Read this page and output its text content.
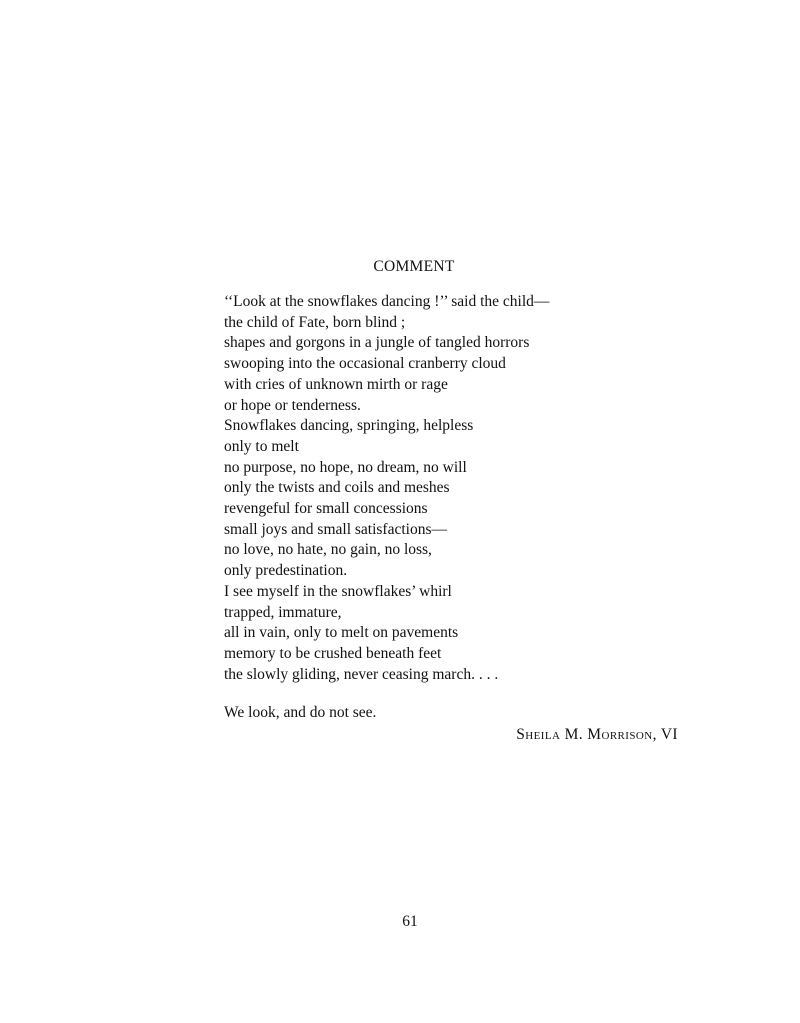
COMMENT
‘‘Look at the snowflakes dancing !’’ said the child—
the child of Fate, born blind ;
shapes and gorgons in a jungle of tangled horrors
swooping into the occasional cranberry cloud
with cries of unknown mirth or rage
or hope or tenderness.
Snowflakes dancing, springing, helpless
only to melt
no purpose, no hope, no dream, no will
only the twists and coils and meshes
revengeful for small concessions
small joys and small satisfactions—
no love, no hate, no gain, no loss,
only predestination.
I see myself in the snowflakes’ whirl
trapped, immature,
all in vain, only to melt on pavements
memory to be crushed beneath feet
the slowly gliding, never ceasing march. . . .
We look, and do not see.
Sheila M. Morrison, VI
61
